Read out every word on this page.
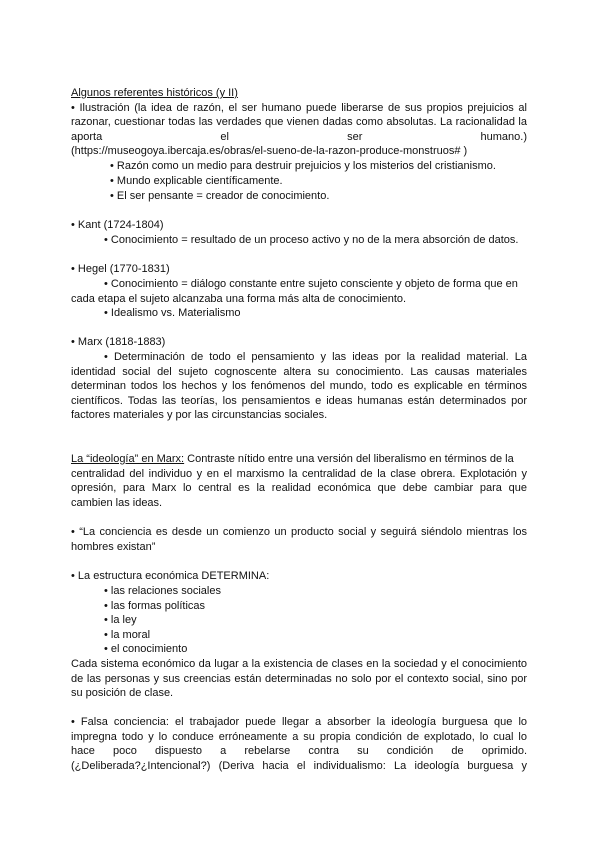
Algunos referentes históricos (y II)
• Ilustración (la idea de razón, el ser humano puede liberarse de sus propios prejuicios al
razonar, cuestionar todas las verdades que vienen dadas como absolutas. La racionalidad la
aporta el ser humano.)
(https://museogoya.ibercaja.es/obras/el-sueno-de-la-razon-produce-monstruos# )
• Razón como un medio para destruir prejuicios y los misterios del cristianismo.
• Mundo explicable científicamente.
• El ser pensante = creador de conocimiento.
• Kant (1724-1804)
• Conocimiento = resultado de un proceso activo y no de la mera absorción de datos.
• Hegel (1770-1831)
• Conocimiento = diálogo constante entre sujeto consciente y objeto de forma que en
cada etapa el sujeto alcanzaba una forma más alta de conocimiento.
• Idealismo vs. Materialismo
• Marx (1818-1883)
• Determinación de todo el pensamiento y las ideas por la realidad material. La
identidad social del sujeto cognoscente altera su conocimiento. Las causas materiales
determinan todos los hechos y los fenómenos del mundo, todo es explicable en términos
científicos. Todas las teorías, los pensamientos e ideas humanas están determinados por
factores materiales y por las circunstancias sociales.
La “ideología” en Marx: Contraste nítido entre una versión del liberalismo en términos de la
centralidad del individuo y en el marxismo la centralidad de la clase obrera. Explotación y
opresión, para Marx lo central es la realidad económica que debe cambiar para que
cambien las ideas.
• “La conciencia es desde un comienzo un producto social y seguirá siéndolo mientras los
hombres existan”
• La estructura económica DETERMINA:
• las relaciones sociales
• las formas políticas
• la ley
• la moral
• el conocimiento
Cada sistema económico da lugar a la existencia de clases en la sociedad y el conocimiento
de las personas y sus creencias están determinadas no solo por el contexto social, sino por
su posición de clase.
• Falsa conciencia: el trabajador puede llegar a absorber la ideología burguesa que lo
impregna todo y lo conduce erróneamente a su propia condición de explotado, lo cual lo
hace poco dispuesto a rebelarse contra su condición de oprimido.
(¿Deliberada?¿Intencional?) (Deriva hacia el individualismo: La ideología burguesa y
